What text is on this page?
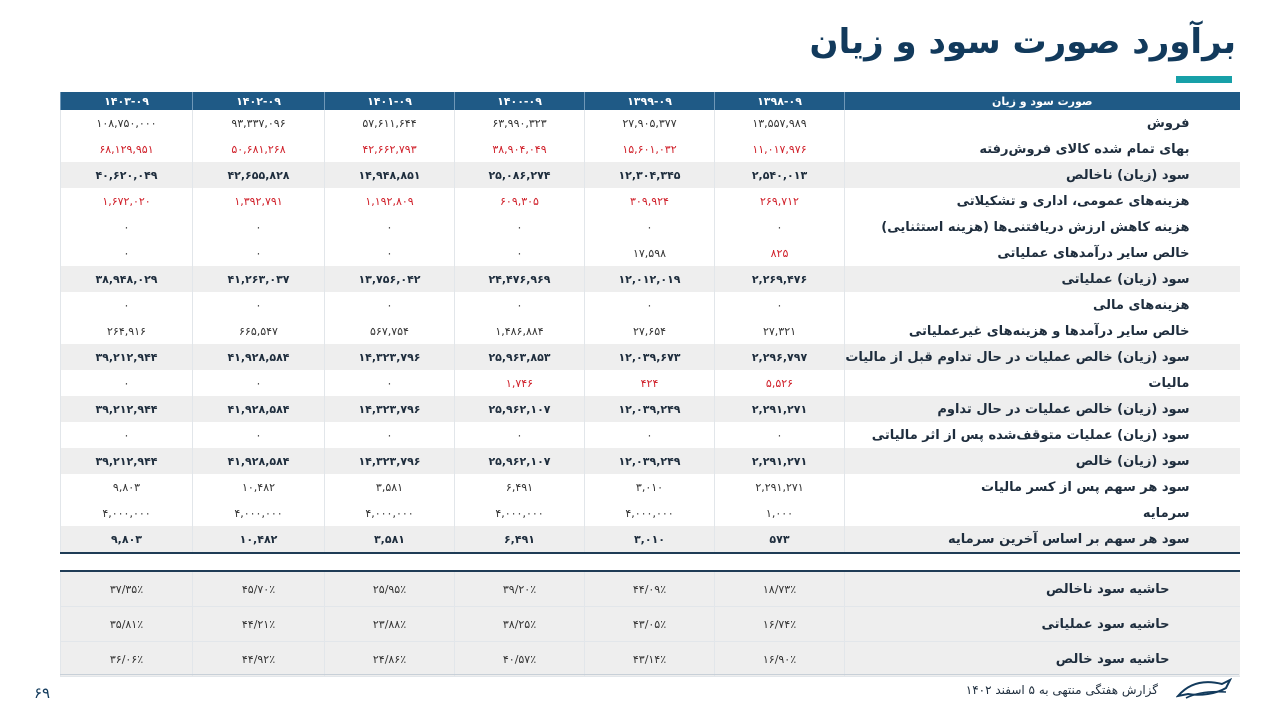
برآورد صورت سود و زیان
صورت سود و زیان	۱۳۹۸-۰۹	۱۳۹۹-۰۹	۱۴۰۰-۰۹	۱۴۰۱-۰۹	۱۴۰۲-۰۹	۱۴۰۳-۰۹
فروش	۱۳,۵۵۷,۹۸۹	۲۷,۹۰۵,۳۷۷	۶۳,۹۹۰,۳۲۳	۵۷,۶۱۱,۶۴۴	۹۳,۳۳۷,۰۹۶	۱۰۸,۷۵۰,۰۰۰
بهای تمام شده کالای فروش‌رفته	۱۱,۰۱۷,۹۷۶	۱۵,۶۰۱,۰۳۲	۳۸,۹۰۴,۰۴۹	۴۲,۶۶۲,۷۹۳	۵۰,۶۸۱,۲۶۸	۶۸,۱۲۹,۹۵۱
سود (زیان) ناخالص	۲,۵۴۰,۰۱۳	۱۲,۳۰۴,۳۴۵	۲۵,۰۸۶,۲۷۴	۱۴,۹۴۸,۸۵۱	۴۲,۶۵۵,۸۲۸	۴۰,۶۲۰,۰۴۹
هزینه‌های عمومی، اداری و تشکیلاتی	۲۶۹,۷۱۲	۳۰۹,۹۲۴	۶۰۹,۳۰۵	۱,۱۹۲,۸۰۹	۱,۳۹۲,۷۹۱	۱,۶۷۲,۰۲۰
هزینه کاهش ارزش دریافتنی‌ها (هزینه استثنایی)	۰	۰	۰	۰	۰	۰
خالص سایر درآمدهای عملیاتی	۸۲۵	۱۷,۵۹۸	۰	۰	۰	۰
سود (زیان) عملیاتی	۲,۲۶۹,۴۷۶	۱۲,۰۱۲,۰۱۹	۲۴,۴۷۶,۹۶۹	۱۳,۷۵۶,۰۴۲	۴۱,۲۶۳,۰۳۷	۳۸,۹۴۸,۰۲۹
هزینه‌های مالی	۰	۰	۰	۰	۰	۰
خالص سایر درآمدها و هزینه‌های غیرعملیاتی	۲۷,۳۲۱	۲۷,۶۵۴	۱,۴۸۶,۸۸۴	۵۶۷,۷۵۴	۶۶۵,۵۴۷	۲۶۴,۹۱۶
سود (زیان) خالص عملیات در حال تداوم قبل از مالیات	۲,۲۹۶,۷۹۷	۱۲,۰۳۹,۶۷۳	۲۵,۹۶۳,۸۵۳	۱۴,۳۲۳,۷۹۶	۴۱,۹۲۸,۵۸۴	۳۹,۲۱۲,۹۴۴
مالیات	۵,۵۲۶	۴۲۴	۱,۷۴۶	۰	۰	۰
سود (زیان) خالص عملیات در حال تداوم	۲,۲۹۱,۲۷۱	۱۲,۰۳۹,۲۴۹	۲۵,۹۶۲,۱۰۷	۱۴,۳۲۳,۷۹۶	۴۱,۹۲۸,۵۸۴	۳۹,۲۱۲,۹۴۴
سود (زیان) عملیات متوقف‌شده پس از اثر مالیاتی	۰	۰	۰	۰	۰	۰
سود (زیان) خالص	۲,۲۹۱,۲۷۱	۱۲,۰۳۹,۲۴۹	۲۵,۹۶۲,۱۰۷	۱۴,۳۲۳,۷۹۶	۴۱,۹۲۸,۵۸۴	۳۹,۲۱۲,۹۴۴
سود هر سهم پس از کسر مالیات	۲,۲۹۱,۲۷۱	۳,۰۱۰	۶,۴۹۱	۳,۵۸۱	۱۰,۴۸۲	۹,۸۰۳
سرمایه	۱,۰۰۰	۴,۰۰۰,۰۰۰	۴,۰۰۰,۰۰۰	۴,۰۰۰,۰۰۰	۴,۰۰۰,۰۰۰	۴,۰۰۰,۰۰۰
سود هر سهم بر اساس آخرین سرمایه	۵۷۳	۳,۰۱۰	۶,۴۹۱	۳,۵۸۱	۱۰,۴۸۲	۹,۸۰۳
حاشیه سود ناخالص	۱۸/۷۳٪	۴۴/۰۹٪	۳۹/۲۰٪	۲۵/۹۵٪	۴۵/۷۰٪	۳۷/۳۵٪
حاشیه سود عملیاتی	۱۶/۷۴٪	۴۳/۰۵٪	۳۸/۲۵٪	۲۳/۸۸٪	۴۴/۲۱٪	۳۵/۸۱٪
حاشیه سود خالص	۱۶/۹۰٪	۴۳/۱۴٪	۴۰/۵۷٪	۲۴/۸۶٪	۴۴/۹۲٪	۳۶/۰۶٪
۶۹	گزارش هفتگی منتهی به ۵ اسفند ۱۴۰۲
